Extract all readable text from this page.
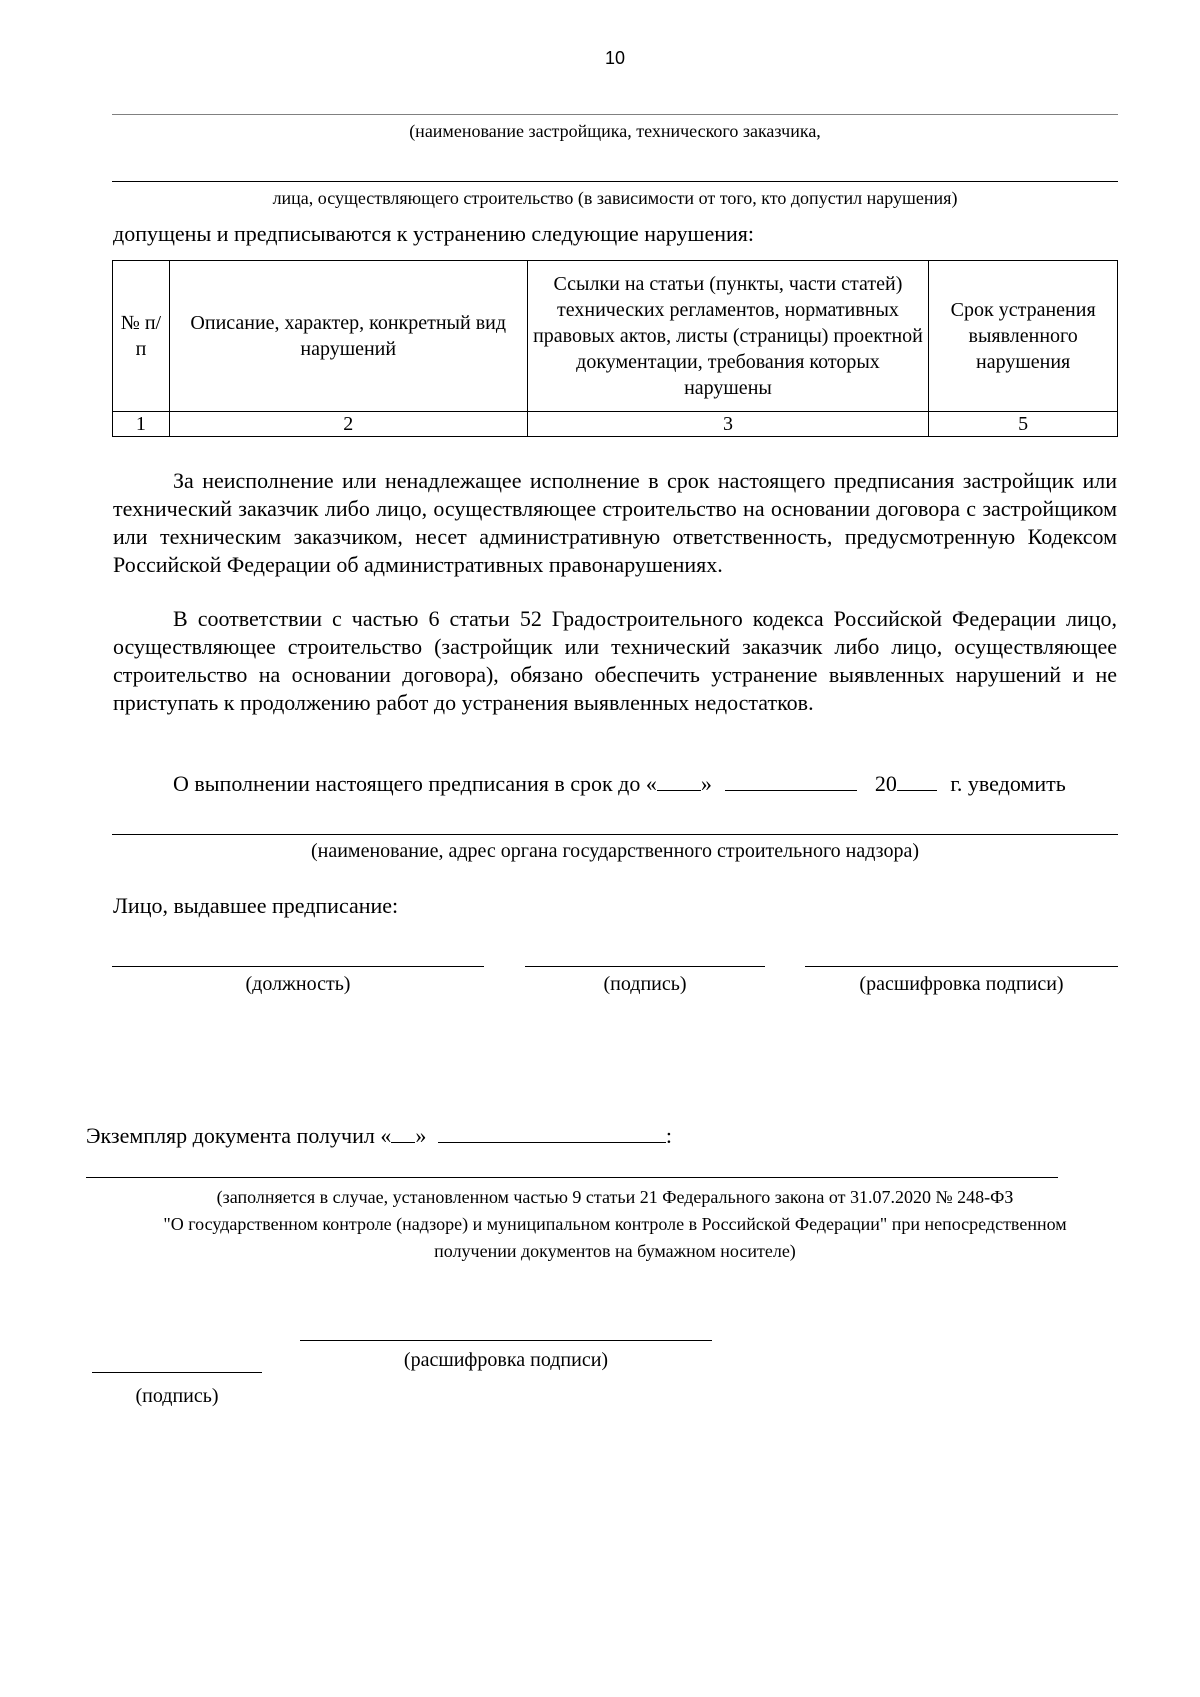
10
(наименование застройщика, технического заказчика,
лица, осуществляющего строительство (в зависимости от того, кто допустил нарушения)
допущены и предписываются к устранению следующие нарушения:
№ п/п	Описание, характер, конкретный вид нарушений	Ссылки на статьи (пункты, части статей) технических регламентов, нормативных правовых актов, листы (страницы) проектной документации, требования которых нарушены	Срок устранения выявленного нарушения
1	2	3	5
За неисполнение или ненадлежащее исполнение в срок настоящего предписания застройщик или технический заказчик либо лицо, осуществляющее строительство на основании договора с застройщиком или техническим заказчиком, несет административную ответственность, предусмотренную Кодексом Российской Федерации об административных правонарушениях.
В соответствии с частью 6 статьи 52 Градостроительного кодекса Российской Федерации лицо, осуществляющее строительство (застройщик или технический заказчик либо лицо, осуществляющее строительство на основании договора), обязано обеспечить устранение выявленных нарушений и не приступать к продолжению работ до устранения выявленных недостатков.
О выполнении настоящего предписания в срок до « »	20 г. уведомить
(наименование, адрес органа государственного строительного надзора)
Лицо, выдавшее предписание:
(должность)	(подпись)	(расшифровка подписи)
Экземпляр документа получил « »	:
(заполняется в случае, установленном частью 9 статьи 21 Федерального закона от 31.07.2020 № 248-ФЗ
"О государственном контроле (надзоре) и муниципальном контроле в Российской Федерации" при непосредственном
получении документов на бумажном носителе)
(расшифровка подписи)
(подпись)
